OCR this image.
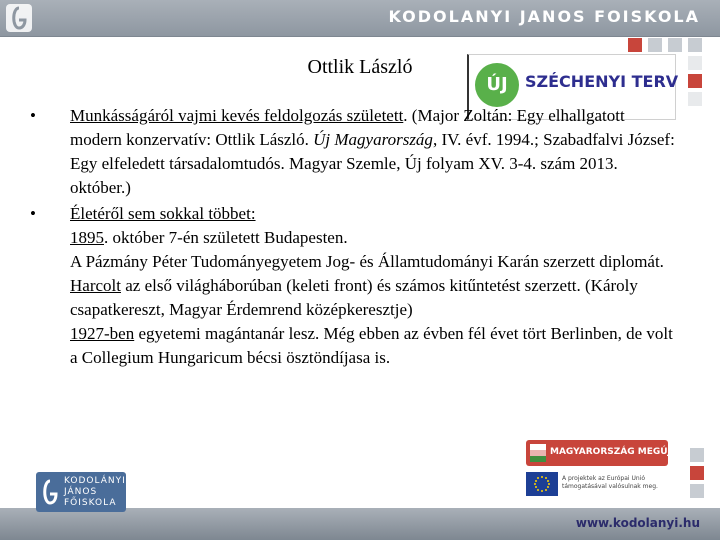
KODOLANYI JANOS FOISKOLA
Ottlik László
ÚJ	SZÉCHENYI TERV
• Munkásságáról vajmi kevés feldolgozás született. (Major Zoltán: Egy elhallgatott modern konzervatív: Ottlik László. Új Magyarország, IV. évf. 1994.; Szabadfalvi József: Egy elfeledett társadalomtudós. Magyar Szemle, Új folyam XV. 3-4. szám 2013. október.)
• Életéről sem sokkal többet:
1895. október 7-én született Budapesten.
A Pázmány Péter Tudományegyetem Jog- és Államtudományi Karán szerzett diplomát.
Harcolt az első világháborúban (keleti front) és számos kitűntetést szerzett. (Károly csapatkereszt, Magyar Érdemrend középkeresztje)
1927-ben egyetemi magántanár lesz. Még ebben az évben fél évet tört Berlinben, de volt a Collegium Hungaricum bécsi ösztöndíjasa is.
MAGYARORSZÁG MEGÚJUL
A projektek az Európai Unió támogatásával valósulnak meg.
KODOLÁNYI
JÁNOS
FŐISKOLA
www.kodolanyi.hu
